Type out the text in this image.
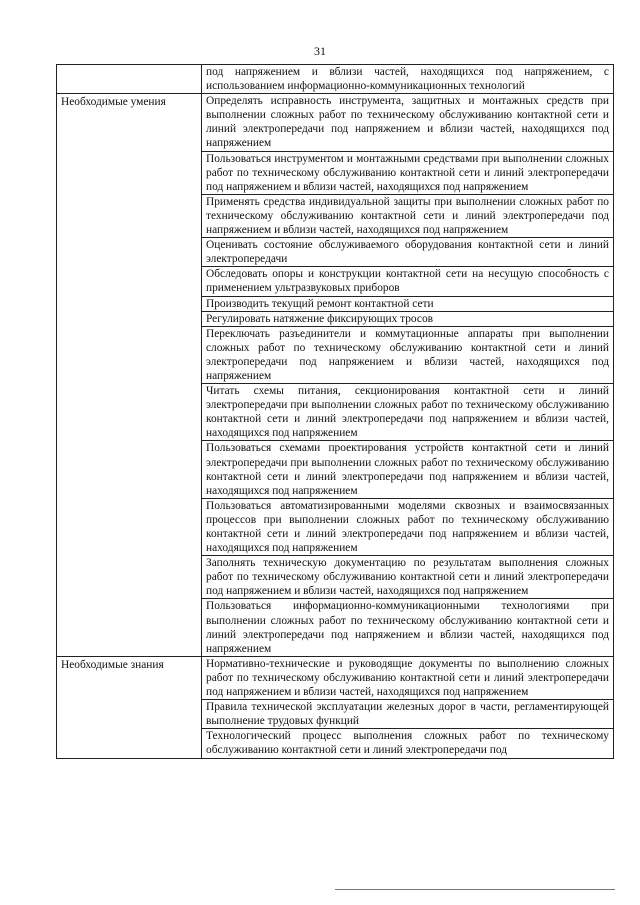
31
	под напряжением и вблизи частей, находящихся под напряжением, с использованием информационно-коммуникационных технологий
Необходимые умения	Определять исправность инструмента, защитных и монтажных средств при выполнении сложных работ по техническому обслуживанию контактной сети и линий электропередачи под напряжением и вблизи частей, находящихся под напряжением
	Пользоваться инструментом и монтажными средствами при выполнении сложных работ по техническому обслуживанию контактной сети и линий электропередачи под напряжением и вблизи частей, находящихся под напряжением
	Применять средства индивидуальной защиты при выполнении сложных работ по техническому обслуживанию контактной сети и линий электропередачи под напряжением и вблизи частей, находящихся под напряжением
	Оценивать состояние обслуживаемого оборудования контактной сети и линий электропередачи
	Обследовать опоры и конструкции контактной сети на несущую способность с применением ультразвуковых приборов
	Производить текущий ремонт контактной сети
	Регулировать натяжение фиксирующих тросов
	Переключать разъединители и коммутационные аппараты при выполнении сложных работ по техническому обслуживанию контактной сети и линий электропередачи под напряжением и вблизи частей, находящихся под напряжением
	Читать схемы питания, секционирования контактной сети и линий электропередачи при выполнении сложных работ по техническому обслуживанию контактной сети и линий электропередачи под напряжением и вблизи частей, находящихся под напряжением
	Пользоваться схемами проектирования устройств контактной сети и линий электропередачи при выполнении сложных работ по техническому обслуживанию контактной сети и линий электропередачи под напряжением и вблизи частей, находящихся под напряжением
	Пользоваться автоматизированными моделями сквозных и взаимосвязанных процессов при выполнении сложных работ по техническому обслуживанию контактной сети и линий электропередачи под напряжением и вблизи частей, находящихся под напряжением
	Заполнять техническую документацию по результатам выполнения сложных работ по техническому обслуживанию контактной сети и линий электропередачи под напряжением и вблизи частей, находящихся под напряжением
	Пользоваться информационно-коммуникационными технологиями при выполнении сложных работ по техническому обслуживанию контактной сети и линий электропередачи под напряжением и вблизи частей, находящихся под напряжением
Необходимые знания	Нормативно-технические и руководящие документы по выполнению сложных работ по техническому обслуживанию контактной сети и линий электропередачи под напряжением и вблизи частей, находящихся под напряжением
	Правила технической эксплуатации железных дорог в части, регламентирующей выполнение трудовых функций
	Технологический процесс выполнения сложных работ по техническому обслуживанию контактной сети и линий электропередачи под
